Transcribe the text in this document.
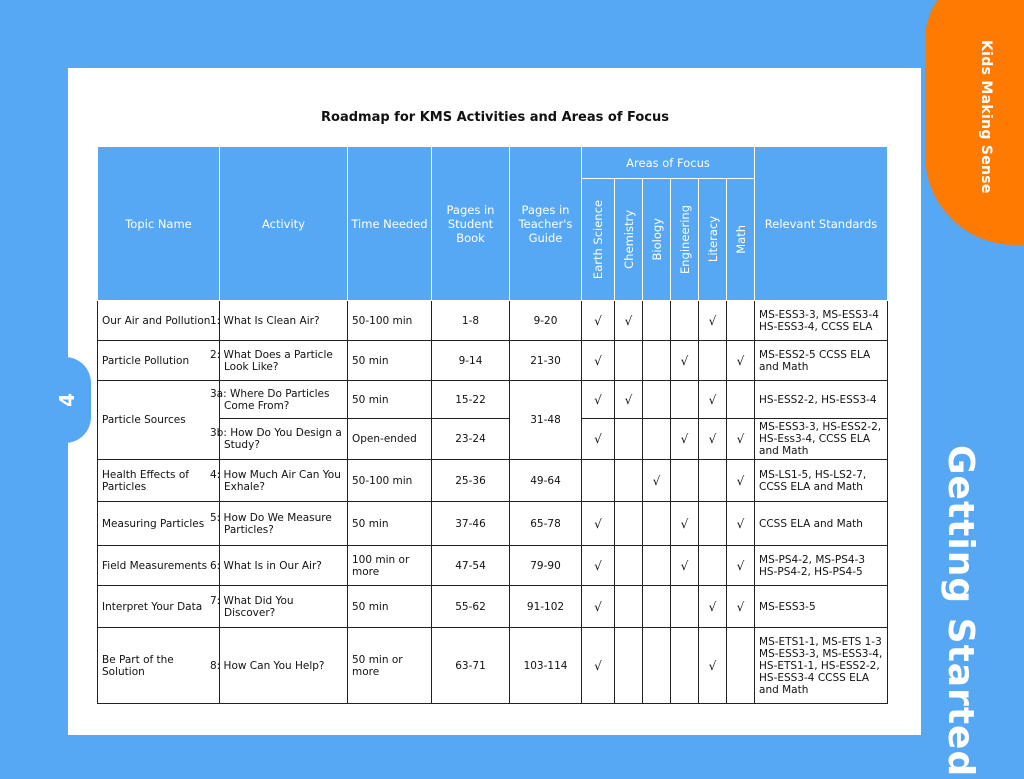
Kids Making Sense
Getting Started
4
Roadmap for KMS Activities and Areas of Focus
Topic Name	Activity	Time Needed	Pages in Student Book	Pages in Teacher's Guide	Areas of Focus						Relevant Standards

					Earth Science	Chemistry	Biology	Engineering	Literacy	Math	

Our Air and Pollution	1: What Is Clean Air?	50-100 min	1-8	9-20	√	√			√		MS-ESS3-3, MS-ESS3-4 HS-ESS3-4, CCSS ELA
Particle Pollution	2: What Does a Particle Look Like?	50 min	9-14	21-30	√			√		√	MS-ESS2-5 CCSS ELA and Math
Particle Sources	3a: Where Do Particles Come From?	50 min	15-22	31-48	√	√			√		HS-ESS2-2, HS-ESS3-4
	3b: How Do You Design a Study?	Open-ended	23-24		√			√	√	√	MS-ESS3-3, HS-ESS2-2, HS-Ess3-4, CCSS ELA and Math
Health Effects of Particles	4: How Much Air Can You Exhale?	50-100 min	25-36	49-64			√			√	MS-LS1-5, HS-LS2-7, CCSS ELA and Math
Measuring Particles	5: How Do We Measure Particles?	50 min	37-46	65-78	√			√		√	CCSS ELA and Math
Field Measurements	6: What Is in Our Air?	100 min or more	47-54	79-90	√			√		√	MS-PS4-2, MS-PS4-3 HS-PS4-2, HS-PS4-5
Interpret Your Data	7: What Did You Discover?	50 min	55-62	91-102	√				√	√	MS-ESS3-5
Be Part of the Solution	8: How Can You Help?	50 min or more	63-71	103-114	√				√		MS-ETS1-1, MS-ETS 1-3 MS-ESS3-3, MS-ESS3-4, HS-ETS1-1, HS-ESS2-2, HS-ESS3-4 CCSS ELA and Math
